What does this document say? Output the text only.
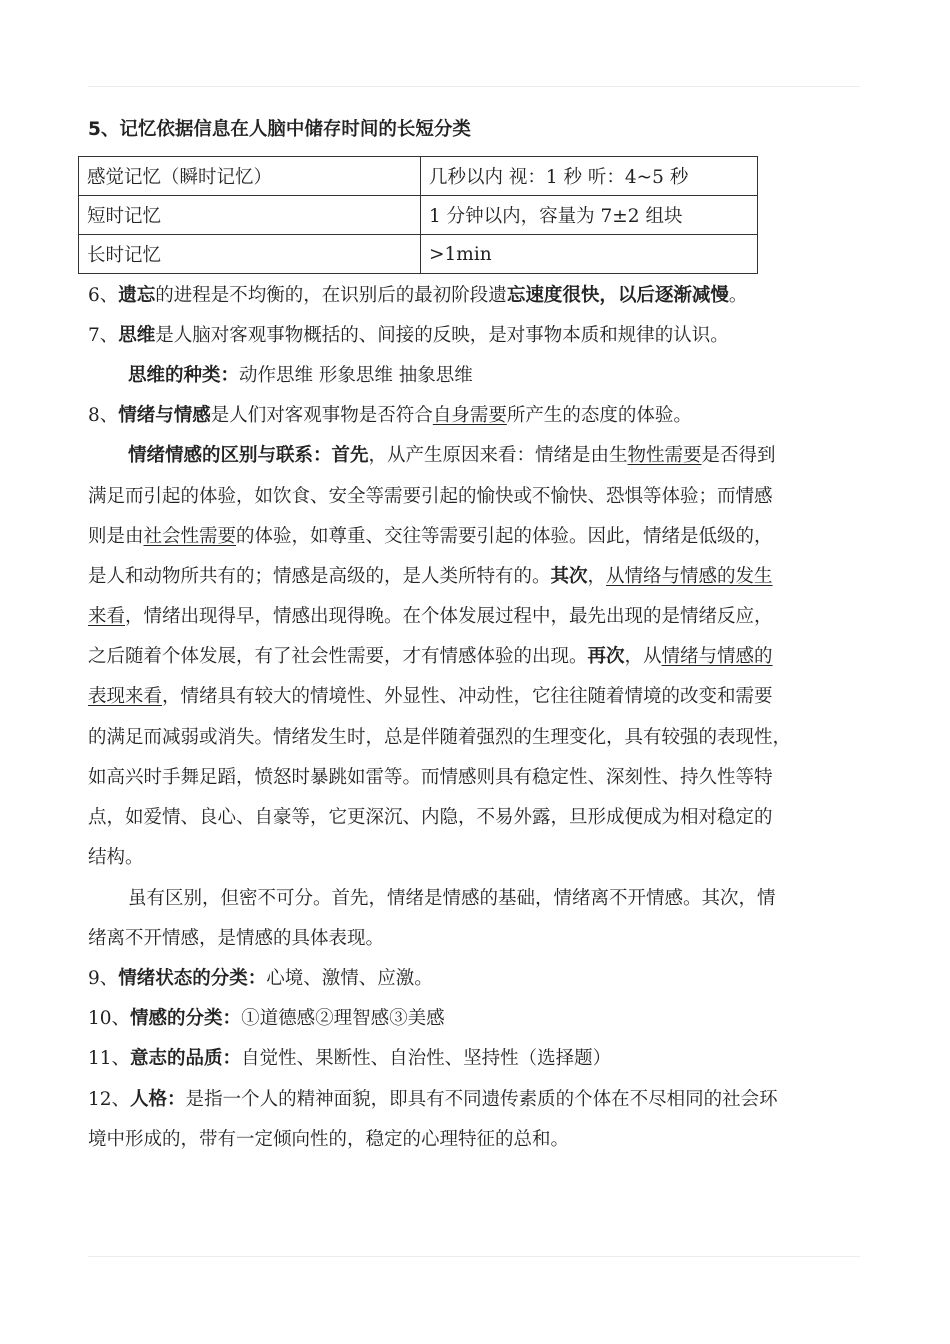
5、记忆依据信息在人脑中储存时间的长短分类
感觉记忆（瞬时记忆）	几秒以内 视：1 秒 听：4~5 秒
短时记忆	1 分钟以内，容量为 7±2 组块
长时记忆	>1min
6、遗忘的进程是不均衡的，在识别后的最初阶段遗忘速度很快，以后逐渐减慢。
7、思维是人脑对客观事物概括的、间接的反映，是对事物本质和规律的认识。
思维的种类：动作思维 形象思维 抽象思维
8、情绪与情感是人们对客观事物是否符合自身需要所产生的态度的体验。
情绪情感的区别与联系：首先，从产生原因来看：情绪是由生物性需要是否得到
满足而引起的体验，如饮食、安全等需要引起的愉快或不愉快、恐惧等体验；而情感
则是由社会性需要的体验，如尊重、交往等需要引起的体验。因此，情绪是低级的，
是人和动物所共有的；情感是高级的，是人类所特有的。其次，从情络与情感的发生
来看，情绪出现得早，情感出现得晚。在个体发展过程中，最先出现的是情绪反应，
之后随着个体发展，有了社会性需要，才有情感体验的出现。再次，从情绪与情感的
表现来看，情绪具有较大的情境性、外显性、冲动性，它往往随着情境的改变和需要
的满足而减弱或消失。情绪发生时，总是伴随着强烈的生理变化，具有较强的表现性，
如高兴时手舞足蹈，愤怒时暴跳如雷等。而情感则具有稳定性、深刻性、持久性等特
点，如爱情、良心、自豪等，它更深沉、内隐，不易外露，旦形成便成为相对稳定的
结构。
虽有区别，但密不可分。首先，情绪是情感的基础，情绪离不开情感。其次，情
绪离不开情感，是情感的具体表现。
9、情绪状态的分类：心境、激情、应激。
10、情感的分类：①道德感②理智感③美感
11、意志的品质：自觉性、果断性、自治性、坚持性（选择题）
12、人格：是指一个人的精神面貌，即具有不同遗传素质的个体在不尽相同的社会环
境中形成的，带有一定倾向性的，稳定的心理特征的总和。
